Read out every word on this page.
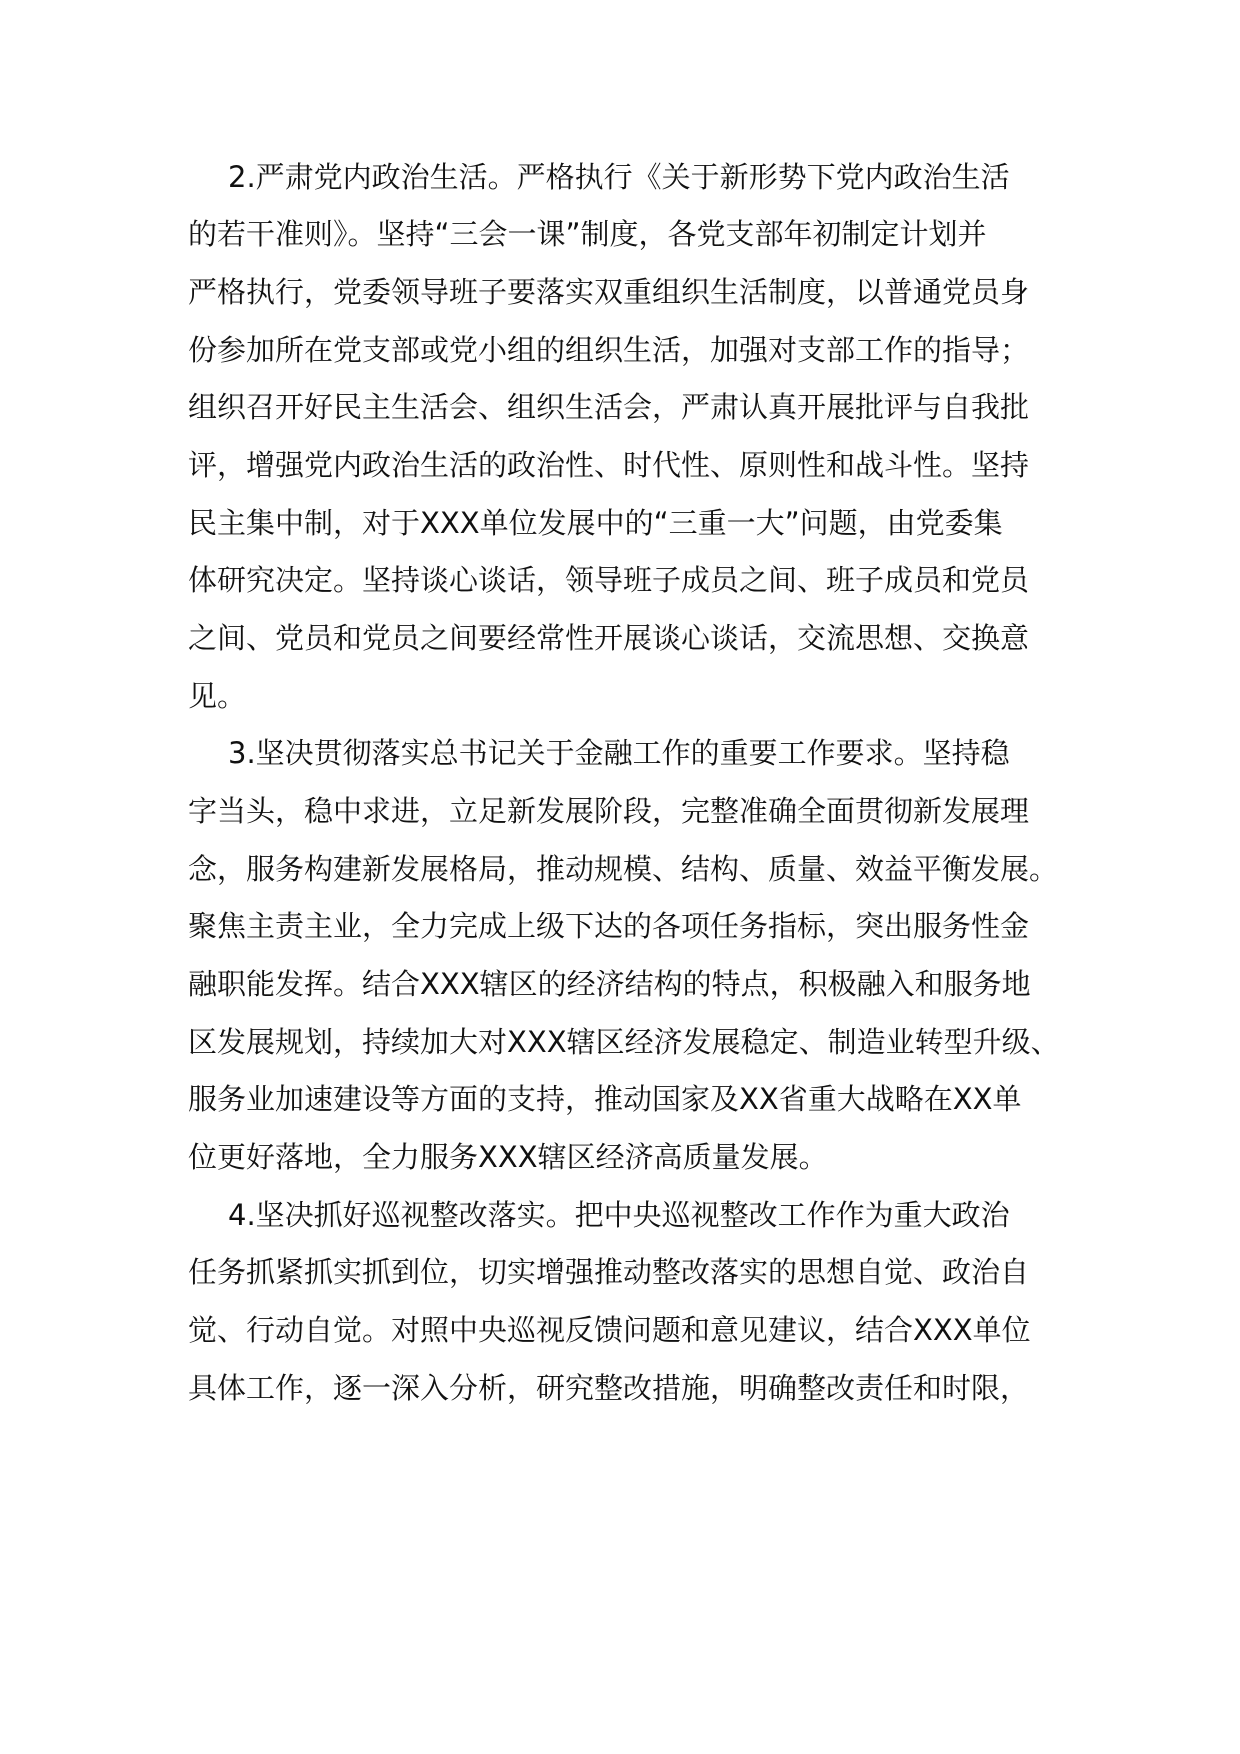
2.严肃党内政治生活。严格执行《关于新形势下党内政治生活
的若干准则》。坚持“三会一课”制度，各党支部年初制定计划并
严格执行，党委领导班子要落实双重组织生活制度，以普通党员身
份参加所在党支部或党小组的组织生活，加强对支部工作的指导；
组织召开好民主生活会、组织生活会，严肃认真开展批评与自我批
评，增强党内政治生活的政治性、时代性、原则性和战斗性。坚持
民主集中制，对于XXX单位发展中的“三重一大”问题，由党委集
体研究决定。坚持谈心谈话，领导班子成员之间、班子成员和党员
之间、党员和党员之间要经常性开展谈心谈话，交流思想、交换意
见。
3.坚决贯彻落实总书记关于金融工作的重要工作要求。坚持稳
字当头，稳中求进，立足新发展阶段，完整准确全面贯彻新发展理
念，服务构建新发展格局，推动规模、结构、质量、效益平衡发展。
聚焦主责主业，全力完成上级下达的各项任务指标，突出服务性金
融职能发挥。结合XXX辖区的经济结构的特点，积极融入和服务地
区发展规划，持续加大对XXX辖区经济发展稳定、制造业转型升级、
服务业加速建设等方面的支持，推动国家及XX省重大战略在XX单
位更好落地，全力服务XXX辖区经济高质量发展。
4.坚决抓好巡视整改落实。把中央巡视整改工作作为重大政治
任务抓紧抓实抓到位，切实增强推动整改落实的思想自觉、政治自
觉、行动自觉。对照中央巡视反馈问题和意见建议，结合XXX单位
具体工作，逐一深入分析，研究整改措施，明确整改责任和时限，
